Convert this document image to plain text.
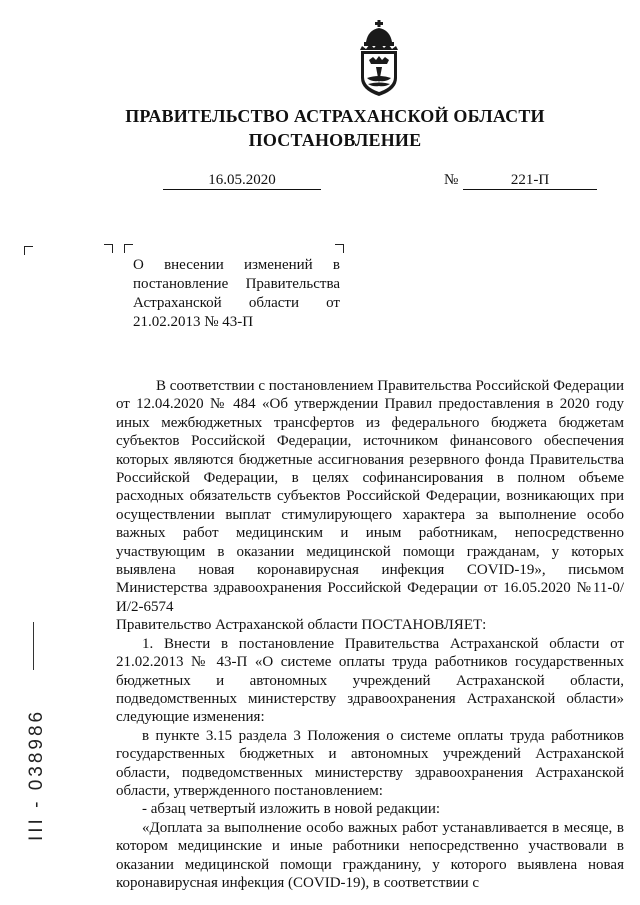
ПРАВИТЕЛЬСТВО АСТРАХАНСКОЙ ОБЛАСТИ
ПОСТАНОВЛЕНИЕ
16.05.2020	№	221-П
О внесении изменений в
постановление Правительства
Астраханской области от
21.02.2013 № 43-П

В соответствии с постановлением Правительства Российской Федерации от 12.04.2020 № 484 «Об утверждении Правил предоставления в 2020 году иных межбюджетных трансфертов из федерального бюджета бюджетам субъектов Российской Федерации, источником финансового обеспечения которых являются бюджетные ассигнования резервного фонда Правительства Российской Федерации, в целях софинансирования в полном объеме расходных обязательств субъектов Российской Федерации, возникающих при осуществлении выплат стимулирующего характера за выполнение особо важных работ медицинским и иным работникам, непосредственно участвующим в оказании медицинской помощи гражданам, у которых выявлена новая коронавирусная инфекция COVID-19», письмом Министерства здравоохранения Российской Федерации от 16.05.2020 №11-0/И/2-6574

Правительство Астраханской области ПОСТАНОВЛЯЕТ:

1. Внести в постановление Правительства Астраханской области от 21.02.2013 № 43-П «О системе оплаты труда работников государственных бюджетных и автономных учреждений Астраханской области, подведомственных министерству здравоохранения Астраханской области» следующие изменения:

в пункте 3.15 раздела 3 Положения о системе оплаты труда работников государственных бюджетных и автономных учреждений Астраханской области, подведомственных министерству здравоохранения Астраханской области, утвержденного постановлением:

- абзац четвертый изложить в новой редакции:

«Доплата за выполнение особо важных работ устанавливается в месяце, в котором медицинские и иные работники непосредственно участвовали в оказании медицинской помощи гражданину, у которого выявлена новая коронавирусная инфекция (COVID-19), в соответствии с

III - 038986
